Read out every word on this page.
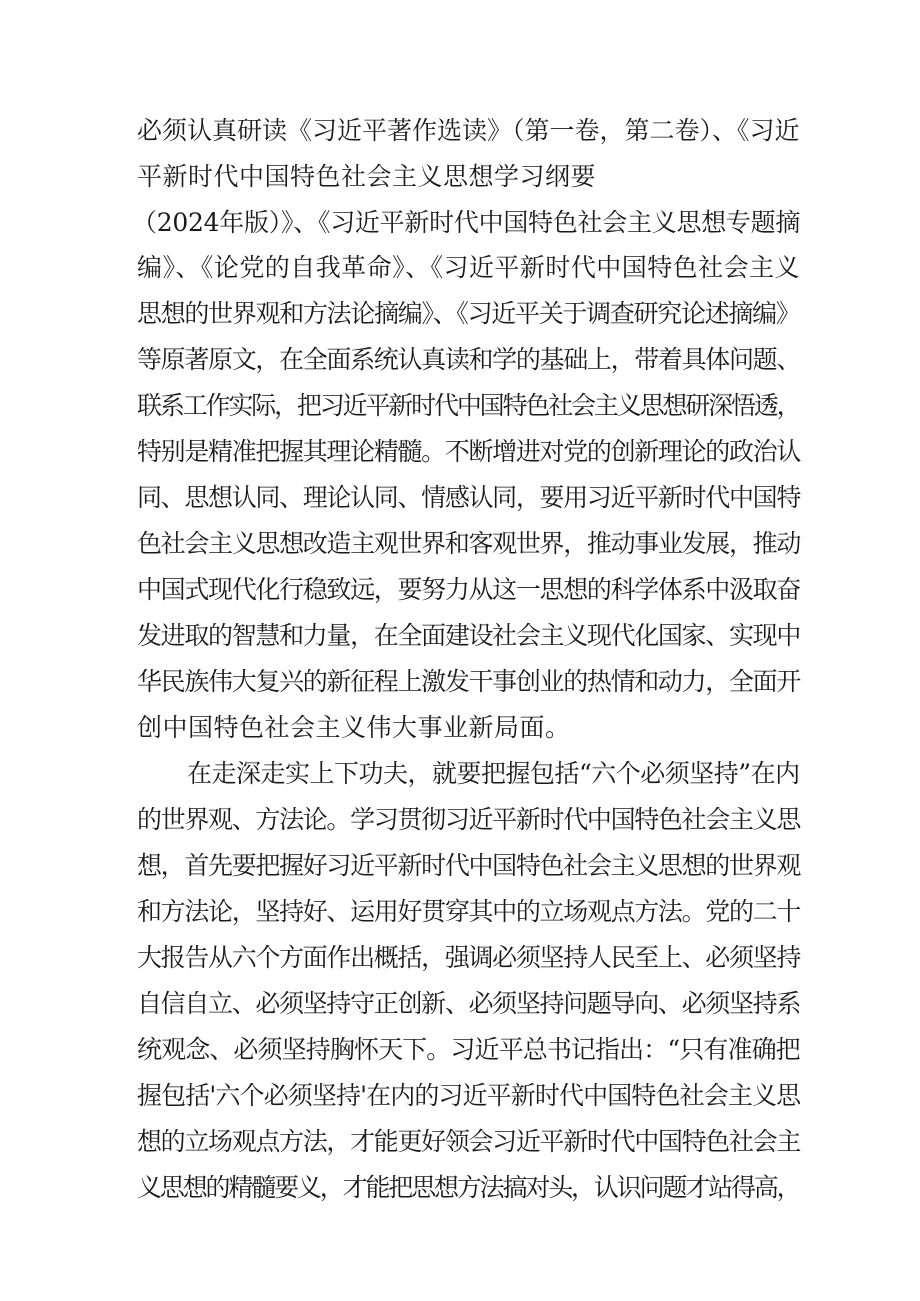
必须认真研读《习近平著作选读》（第一卷，第二卷）、《习近
平新时代中国特色社会主义思想学习纲要
（2024年版）》、《习近平新时代中国特色社会主义思想专题摘
编》、《论党的自我革命》、《习近平新时代中国特色社会主义
思想的世界观和方法论摘编》、《习近平关于调查研究论述摘编》
等原著原文，在全面系统认真读和学的基础上，带着具体问题、
联系工作实际，把习近平新时代中国特色社会主义思想研深悟透，
特别是精准把握其理论精髓。不断增进对党的创新理论的政治认
同、思想认同、理论认同、情感认同，要用习近平新时代中国特
色社会主义思想改造主观世界和客观世界，推动事业发展，推动
中国式现代化行稳致远，要努力从这一思想的科学体系中汲取奋
发进取的智慧和力量，在全面建设社会主义现代化国家、实现中
华民族伟大复兴的新征程上激发干事创业的热情和动力，全面开
创中国特色社会主义伟大事业新局面。
在走深走实上下功夫，就要把握包括“六个必须坚持”在内
的世界观、方法论。学习贯彻习近平新时代中国特色社会主义思
想，首先要把握好习近平新时代中国特色社会主义思想的世界观
和方法论，坚持好、运用好贯穿其中的立场观点方法。党的二十
大报告从六个方面作出概括，强调必须坚持人民至上、必须坚持
自信自立、必须坚持守正创新、必须坚持问题导向、必须坚持系
统观念、必须坚持胸怀天下。习近平总书记指出：“只有准确把
握包括'六个必须坚持'在内的习近平新时代中国特色社会主义思
想的立场观点方法，才能更好领会习近平新时代中国特色社会主
义思想的精髓要义，才能把思想方法搞对头，认识问题才站得高，
